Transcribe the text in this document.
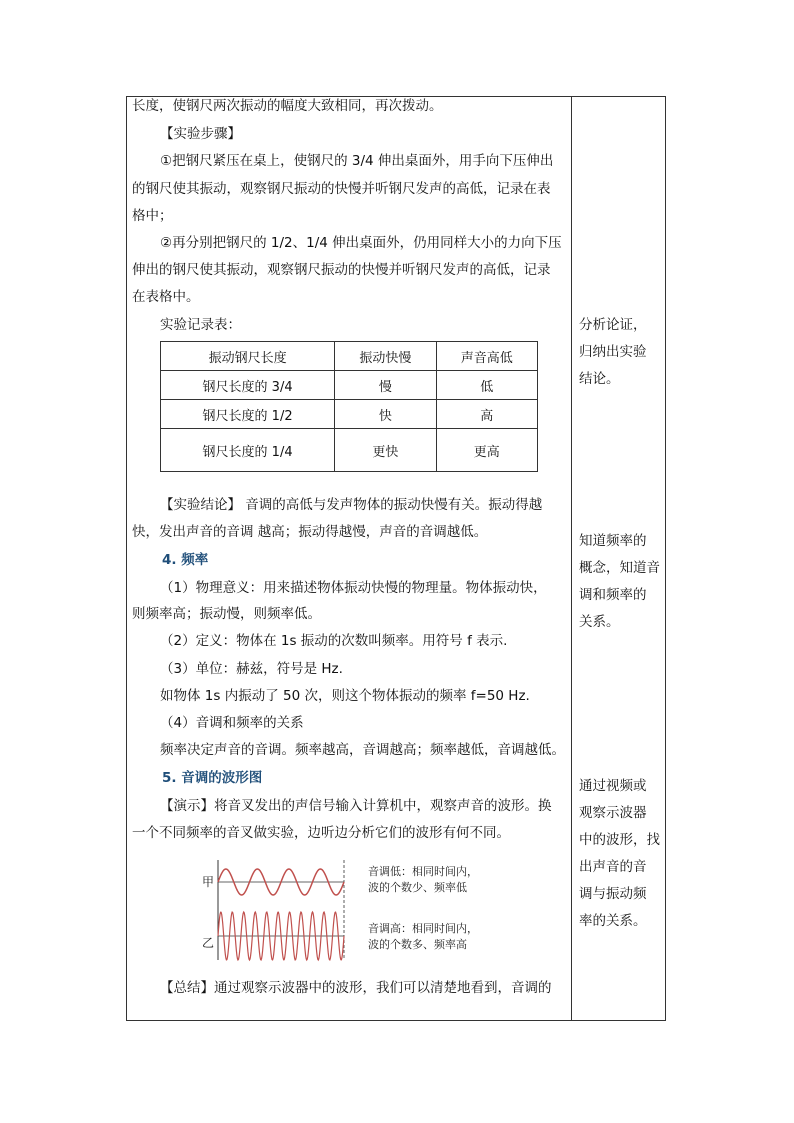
长度，使钢尺两次振动的幅度大致相同，再次拨动。
【实验步骤】
①把钢尺紧压在桌上，使钢尺的 3/4 伸出桌面外，用手向下压伸出
的钢尺使其振动，观察钢尺振动的快慢并听钢尺发声的高低，记录在表
格中；
②再分别把钢尺的 1/2、1/4 伸出桌面外，仍用同样大小的力向下压
伸出的钢尺使其振动，观察钢尺振动的快慢并听钢尺发声的高低，记录
在表格中。
实验记录表：
振动钢尺长度	振动快慢	声音高低
钢尺长度的 3/4	慢	低
钢尺长度的 1/2	快	高
钢尺长度的 1/4	更快	更高
【实验结论】 音调的高低与发声物体的振动快慢有关。振动得越
快，发出声音的音调 越高；振动得越慢，声音的音调越低。
4. 频率
（1）物理意义：用来描述物体振动快慢的物理量。物体振动快，
则频率高；振动慢，则频率低。
（2）定义：物体在 1s 振动的次数叫频率。用符号 f 表示.
（3）单位：赫兹，符号是 Hz.
如物体 1s 内振动了 50 次，则这个物体振动的频率 f=50 Hz.
（4）音调和频率的关系
频率决定声音的音调。频率越高，音调越高；频率越低，音调越低。
5. 音调的波形图
【演示】将音叉发出的声信号输入计算机中，观察声音的波形。换
一个不同频率的音叉做实验，边听边分析它们的波形有何不同。
甲
乙
音调低：相同时间内，
波的个数少、频率低
音调高：相同时间内，
波的个数多、频率高
【总结】通过观察示波器中的波形，我们可以清楚地看到，音调的
分析论证，
归纳出实验
结论。
知道频率的
概念，知道音
调和频率的
关系。
通过视频或
观察示波器
中的波形，找
出声音的音
调与振动频
率的关系。
